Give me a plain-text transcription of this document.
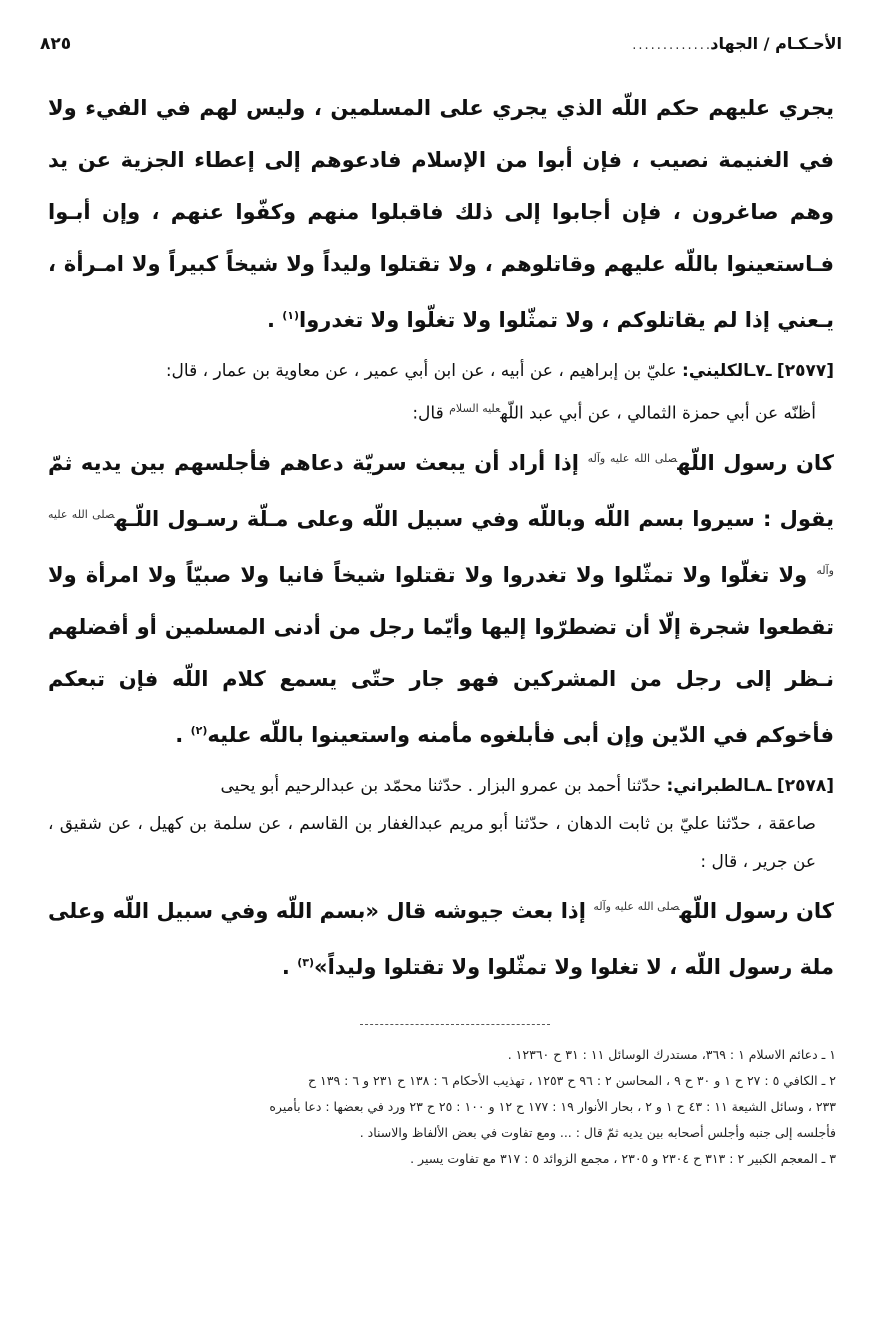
الأحـكـام / الجهاد
.............
٨٢٥

يجري عليهم حكم اللّه الذي يجري على المسلمين ، وليس لهم في الفيء ولا في الغنيمة نصيب ، فإن أبوا من الإسلام فادعوهم إلى إعطاء الجزية عن يد وهم صاغرون ، فإن أجابوا إلى ذلك فاقبلوا منهم وكفّوا عنهم ، وإن أبـوا فـاستعينوا باللّه عليهم وقاتلوهم ، ولا تقتلوا وليداً ولا شيخاً كبيراً ولا امـرأة ، يـعني إذا لم يقاتلوكم ، ولا تمثّلوا ولا تغلّوا ولا تغدروا$^{(١)}$ .

[٢٥٧٧] ـ٧ـالكليني: عليّ بن إبراهيم ، عن أبيه ، عن ابن أبي عمير ، عن معاوية بن عمار ، قال:

أظنّه عن أبي حمزة الثمالي ، عن أبي عبد اللّه$^{عليه السلام}$ قال:

كان رسول اللّه$^{صلى الله عليه وآله}$ إذا أراد أن يبعث سريّة دعاهم فأجلسهم بين يديه ثمّ يقول : سيروا بسم اللّه وباللّه وفي سبيل اللّه وعلى مـلّة رسـول اللّـه$^{صلى الله عليه وآله}$ ولا تغلّوا ولا تمثّلوا ولا تغدروا ولا تقتلوا شيخاً فانيا ولا صبيّاً ولا امرأة ولا تقطعوا شجرة إلّا أن تضطرّوا إليها وأيّما رجل من أدنى المسلمين أو أفضلهم نـظر إلى رجل من المشركين فهو جار حتّى يسمع كلام اللّه فإن تبعكم فأخوكم في الدّين وإن أبى فأبلغوه مأمنه واستعينوا باللّه عليه$^{(٢)}$ .

[٢٥٧٨] ـ٨ـالطبراني: حدّثنا أحمد بن عمرو البزار . حدّثنا محمّد بن عبدالرحيم أبو يحيى

صاعقة ، حدّثنا عليّ بن ثابت الدهان ، حدّثنا أبو مريم عبدالغفار بن القاسم ، عن سلمة بن كهيل ، عن شقيق ، عن جرير ، قال :

كان رسول اللّه$^{صلى الله عليه وآله}$ إذا بعث جيوشه قال «بسم اللّه وفي سبيل اللّه وعلى ملة رسول اللّه ، لا تغلوا ولا تمثّلوا ولا تقتلوا وليداً»$^{(٣)}$ .

١ ـ دعائم الاسلام ١ : ٣٦٩، مستدرك الوسائل ١١ : ٣١ ح ١٢٣٦٠ .

٢ ـ الكافي ٥ : ٢٧ ح ١ و ٣٠ ح ٩ ، المحاسن ٢ : ٩٦ ح ١٢٥٣ ، تهذيب الأحكام ٦ : ١٣٨ ح ٢٣١ و ٦ : ١٣٩ ح

٢٣٣ ، وسائل الشيعة ١١ : ٤٣ ح ١ و ٢ ، بحار الأنوار ١٩ : ١٧٧ ح ١٢ و ١٠٠ : ٢٥ ح ٢٣ ورد في بعضها : دعا بأميره

فأجلسه إلى جنبه وأجلس أصحابه بين يديه ثمّ قال : ... ومع تفاوت في بعض الألفاظ والاسناد .

٣ ـ المعجم الكبير ٢ : ٣١٣ ح ٢٣٠٤ و ٢٣٠٥ ، مجمع الزوائد ٥ : ٣١٧ مع تفاوت يسير .
